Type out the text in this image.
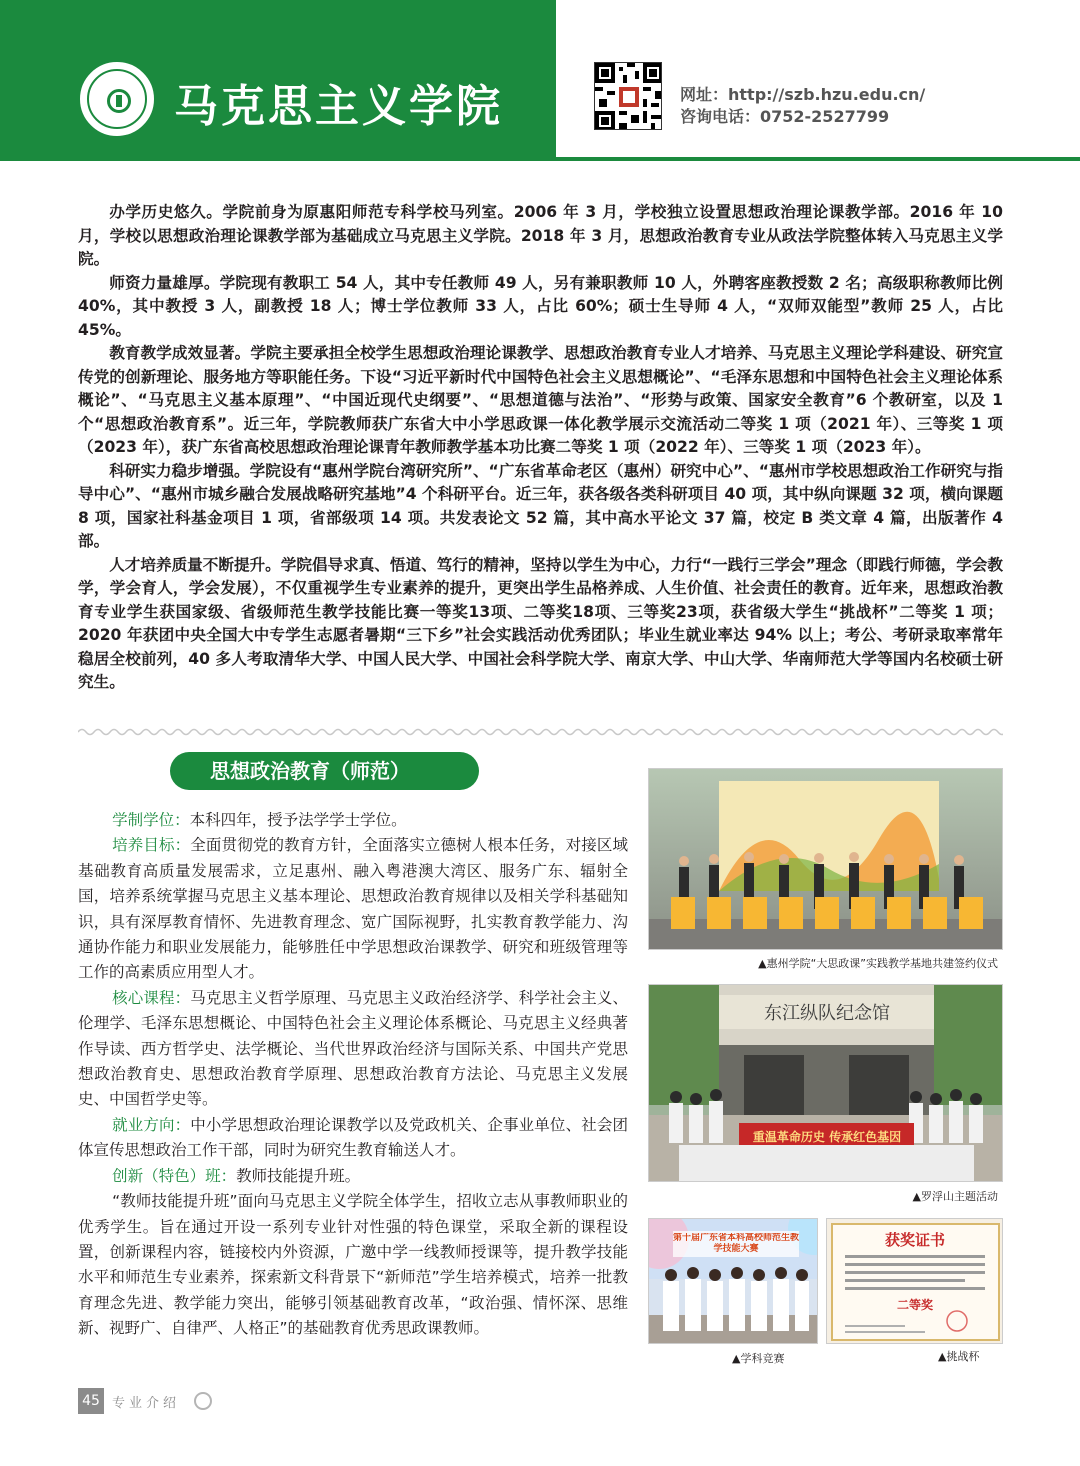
马克思主义学院	网址：http://szb.hzu.edu.cn/
咨询电话：0752-2527799

办学历史悠久。学院前身为原惠阳师范专科学校马列室。2006 年 3 月，学校独立设置思想政治理论课教学部。2016 年 10 月，学校以思想政治理论课教学部为基础成立马克思主义学院。2018 年 3 月，思想政治教育专业从政法学院整体转入马克思主义学院。

师资力量雄厚。学院现有教职工 54 人，其中专任教师 49 人，另有兼职教师 10 人，外聘客座教授数 2 名；高级职称教师比例 40%，其中教授 3 人，副教授 18 人；博士学位教师 33 人，占比 60%；硕士生导师 4 人，“双师双能型”教师 25 人，占比 45%。

教育教学成效显著。学院主要承担全校学生思想政治理论课教学、思想政治教育专业人才培养、马克思主义理论学科建设、研究宣传党的创新理论、服务地方等职能任务。下设“习近平新时代中国特色社会主义思想概论”、“毛泽东思想和中国特色社会主义理论体系概论”、“马克思主义基本原理”、“中国近现代史纲要”、“思想道德与法治”、“形势与政策、国家安全教育”6 个教研室，以及 1 个“思想政治教育系”。近三年，学院教师获广东省大中小学思政课一体化教学展示交流活动二等奖 1 项（2021 年）、三等奖 1 项（2023 年），获广东省高校思想政治理论课青年教师教学基本功比赛二等奖 1 项（2022 年）、三等奖 1 项（2023 年）。

科研实力稳步增强。学院设有“惠州学院台湾研究所”、“广东省革命老区（惠州）研究中心”、“惠州市学校思想政治工作研究与指导中心”、“惠州市城乡融合发展战略研究基地”4 个科研平台。近三年，获各级各类科研项目 40 项，其中纵向课题 32 项，横向课题 8 项，国家社科基金项目 1 项，省部级项 14 项。共发表论文 52 篇，其中高水平论文 37 篇，校定 B 类文章 4 篇，出版著作 4 部。

人才培养质量不断提升。学院倡导求真、悟道、笃行的精神，坚持以学生为中心，力行“一践行三学会”理念（即践行师德，学会教学，学会育人，学会发展），不仅重视学生专业素养的提升，更突出学生品格养成、人生价值、社会责任的教育。近年来，思想政治教育专业学生获国家级、省级师范生教学技能比赛一等奖13项、二等奖18项、三等奖23项，获省级大学生“挑战杯”二等奖 1 项；2020 年获团中央全国大中专学生志愿者暑期“三下乡”社会实践活动优秀团队；毕业生就业率达 94% 以上；考公、考研录取率常年稳居全校前列，40 多人考取清华大学、中国人民大学、中国社会科学院大学、南京大学、中山大学、华南师范大学等国内名校硕士研究生。

思想政治教育（师范）

学制学位：本科四年，授予法学学士学位。

培养目标：全面贯彻党的教育方针，全面落实立德树人根本任务，对接区域基础教育高质量发展需求，立足惠州、融入粤港澳大湾区、服务广东、辐射全国，培养系统掌握马克思主义基本理论、思想政治教育规律以及相关学科基础知识，具有深厚教育情怀、先进教育理念、宽广国际视野，扎实教育教学能力、沟通协作能力和职业发展能力，能够胜任中学思想政治课教学、研究和班级管理等工作的高素质应用型人才。

核心课程：马克思主义哲学原理、马克思主义政治经济学、科学社会主义、伦理学、毛泽东思想概论、中国特色社会主义理论体系概论、马克思主义经典著作导读、西方哲学史、法学概论、当代世界政治经济与国际关系、中国共产党思想政治教育史、思想政治教育学原理、思想政治教育方法论、马克思主义发展史、中国哲学史等。

就业方向：中小学思想政治理论课教学以及党政机关、企事业单位、社会团体宣传思想政治工作干部，同时为研究生教育输送人才。

创新（特色）班：教师技能提升班。

“教师技能提升班”面向马克思主义学院全体学生，招收立志从事教师职业的优秀学生。旨在通过开设一系列专业针对性强的特色课堂，采取全新的课程设置，创新课程内容，链接校内外资源，广邀中学一线教师授课等，提升教学技能水平和师范生专业素养，探索新文科背景下“新师范”学生培养模式，培养一批教育理念先进、教学能力突出，能够引领基础教育改革，“政治强、情怀深、思维新、视野广、自律严、人格正”的基础教育优秀思政课教师。

▲惠州学院“大思政课”实践教学基地共建签约仪式
东江纵队纪念馆
重温革命历史 传承红色基因
▲罗浮山主题活动
第十届广东省本科高校师范生教学技能大赛
▲学科竞赛
获奖证书
二等奖
▲挑战杯
45 专业介绍
